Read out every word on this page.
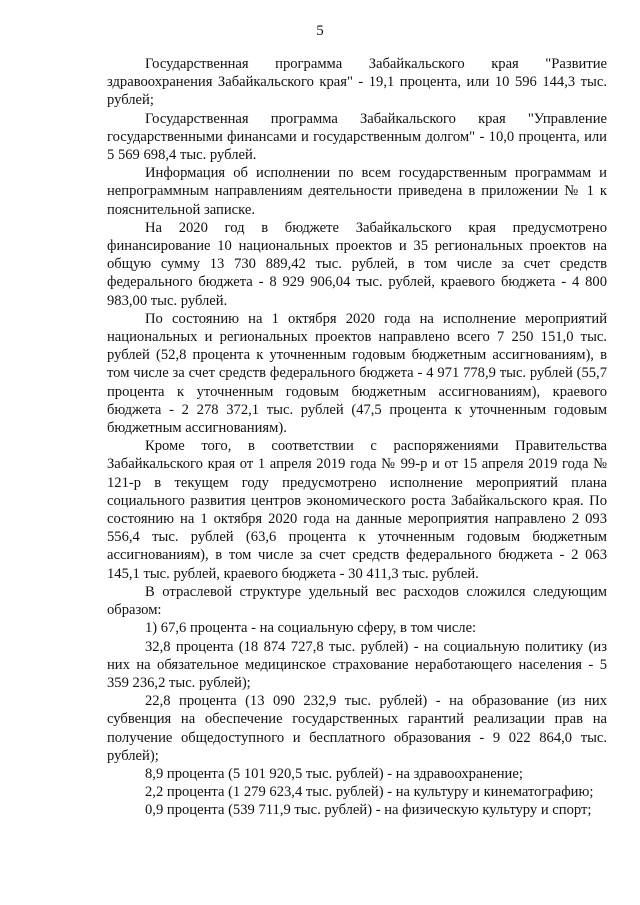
5

Государственная программа Забайкальского края "Развитие здравоохранения Забайкальского края" - 19,1 процента, или 10 596 144,3 тыс. рублей;

Государственная программа Забайкальского края "Управление государственными финансами и государственным долгом" - 10,0 процента, или 5 569 698,4 тыс. рублей.

Информация об исполнении по всем государственным программам и непрограммным направлениям деятельности приведена в приложении № 1 к пояснительной записке.

На 2020 год в бюджете Забайкальского края предусмотрено финансирование 10 национальных проектов и 35 региональных проектов на общую сумму 13 730 889,42 тыс. рублей, в том числе за счет средств федерального бюджета - 8 929 906,04 тыс. рублей, краевого бюджета - 4 800 983,00 тыс. рублей.

По состоянию на 1 октября 2020 года на исполнение мероприятий национальных и региональных проектов направлено всего 7 250 151,0 тыс. рублей (52,8 процента к уточненным годовым бюджетным ассигнованиям), в том числе за счет средств федерального бюджета - 4 971 778,9 тыс. рублей (55,7 процента к уточненным годовым бюджетным ассигнованиям), краевого бюджета - 2 278 372,1 тыс. рублей (47,5 процента к уточненным годовым бюджетным ассигнованиям).

Кроме того, в соответствии с распоряжениями Правительства Забайкальского края от 1 апреля 2019 года № 99-р и от 15 апреля 2019 года № 121-р в текущем году предусмотрено исполнение мероприятий плана социального развития центров экономического роста Забайкальского края. По состоянию на 1 октября 2020 года на данные мероприятия направлено 2 093 556,4 тыс. рублей (63,6 процента к уточненным годовым бюджетным ассигнованиям), в том числе за счет средств федерального бюджета - 2 063 145,1 тыс. рублей, краевого бюджета - 30 411,3 тыс. рублей.

В отраслевой структуре удельный вес расходов сложился следующим образом:

1) 67,6 процента - на социальную сферу, в том числе:

32,8 процента (18 874 727,8 тыс. рублей) - на социальную политику (из них на обязательное медицинское страхование неработающего населения - 5 359 236,2 тыс. рублей);

22,8 процента (13 090 232,9 тыс. рублей) - на образование (из них субвенция на обеспечение государственных гарантий реализации прав на получение общедоступного и бесплатного образования - 9 022 864,0 тыс. рублей);

8,9 процента (5 101 920,5 тыс. рублей) - на здравоохранение;

2,2 процента (1 279 623,4 тыс. рублей) - на культуру и кинематографию;

0,9 процента (539 711,9 тыс. рублей) - на физическую культуру и спорт;
